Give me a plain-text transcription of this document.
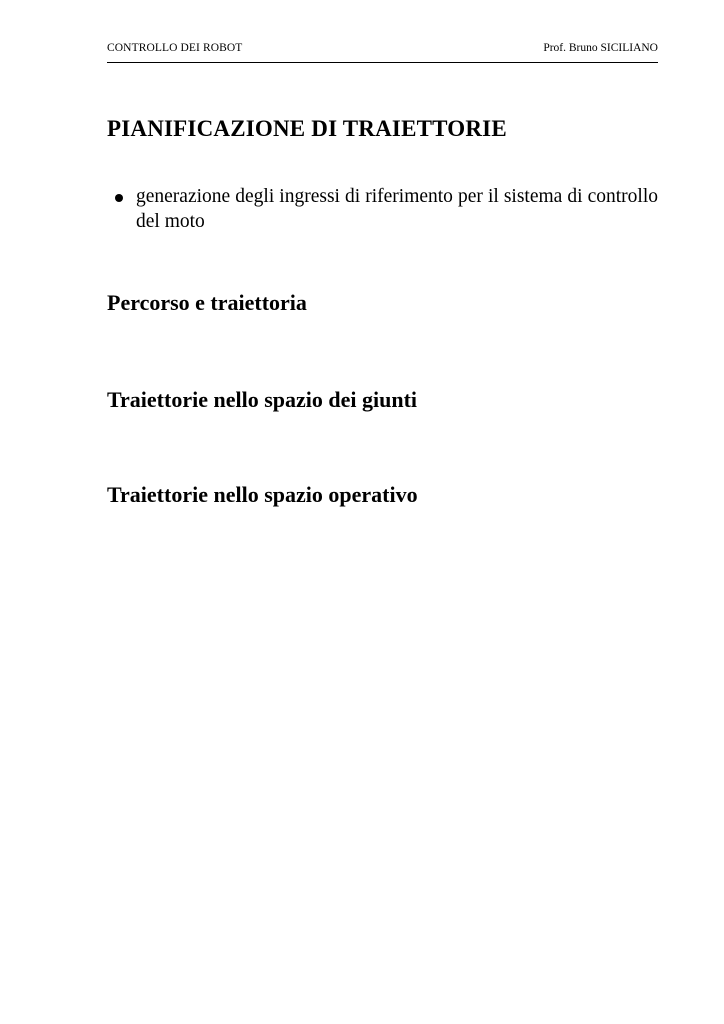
CONTROLLO DEI ROBOT	Prof. Bruno SICILIANO
PIANIFICAZIONE DI TRAIETTORIE
generazione degli ingressi di riferimento per il sistema di controllo del moto
Percorso e traiettoria
Traiettorie nello spazio dei giunti
Traiettorie nello spazio operativo
